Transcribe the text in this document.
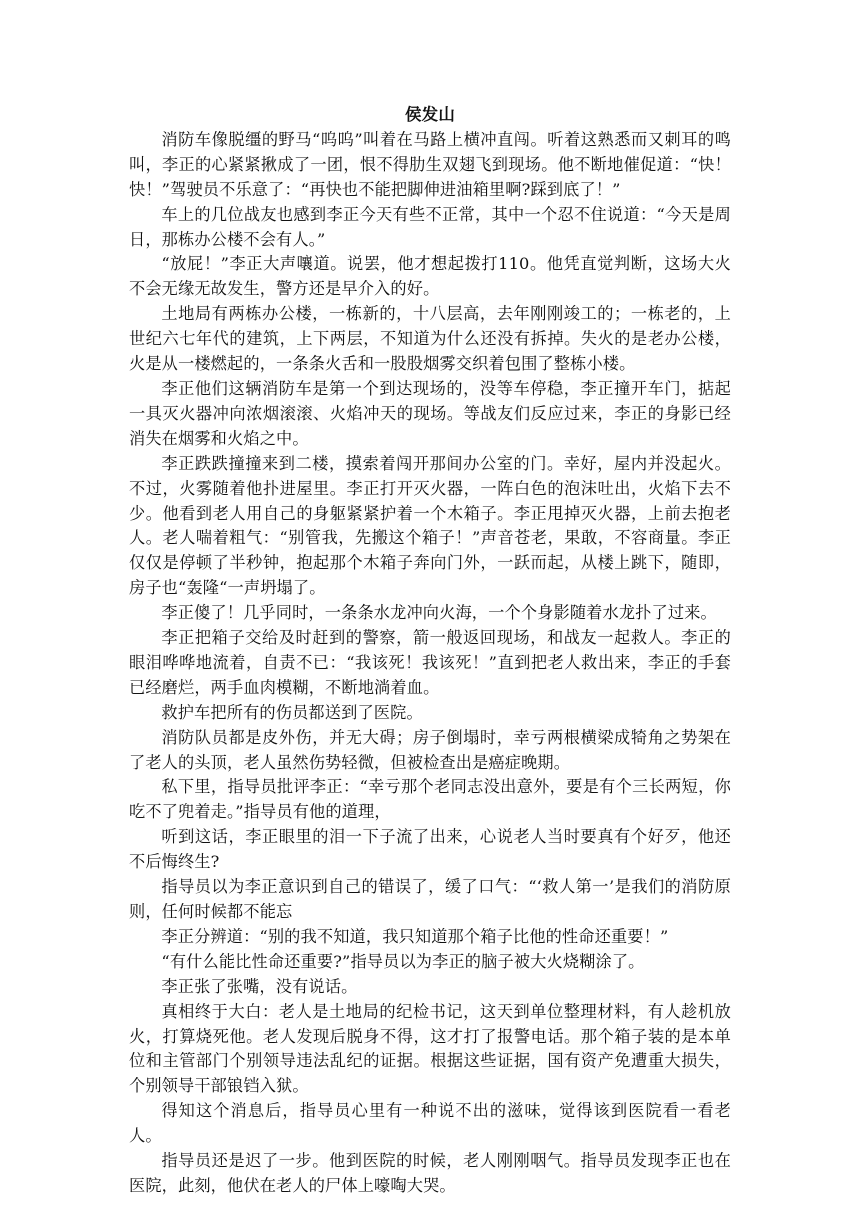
侯发山

消防车像脱缰的野马“呜呜”叫着在马路上横冲直闯。听着这熟悉而又刺耳的鸣叫，李正的心紧紧揪成了一团，恨不得肋生双翅飞到现场。他不断地催促道：“快！快！”驾驶员不乐意了：“再快也不能把脚伸进油箱里啊?踩到底了！”

车上的几位战友也感到李正今天有些不正常，其中一个忍不住说道：“今天是周日，那栋办公楼不会有人。”

“放屁！”李正大声嚷道。说罢，他才想起拨打110。他凭直觉判断，这场大火不会无缘无故发生，警方还是早介入的好。

土地局有两栋办公楼，一栋新的，十八层高，去年刚刚竣工的；一栋老的，上世纪六七年代的建筑，上下两层，不知道为什么还没有拆掉。失火的是老办公楼，火是从一楼燃起的，一条条火舌和一股股烟雾交织着包围了整栋小楼。

李正他们这辆消防车是第一个到达现场的，没等车停稳，李正撞开车门，掂起一具灭火器冲向浓烟滚滚、火焰冲天的现场。等战友们反应过来，李正的身影已经消失在烟雾和火焰之中。

李正跌跌撞撞来到二楼，摸索着闯开那间办公室的门。幸好，屋内并没起火。不过，火雾随着他扑进屋里。李正打开灭火器，一阵白色的泡沫吐出，火焰下去不少。他看到老人用自己的身躯紧紧护着一个木箱子。李正甩掉灭火器，上前去抱老人。老人喘着粗气：“别管我，先搬这个箱子！”声音苍老，果敢，不容商量。李正仅仅是停顿了半秒钟，抱起那个木箱子奔向门外，一跃而起，从楼上跳下，随即，房子也“轰隆“一声坍塌了。

李正傻了！几乎同时，一条条水龙冲向火海，一个个身影随着水龙扑了过来。

李正把箱子交给及时赶到的警察，箭一般返回现场，和战友一起救人。李正的眼泪哗哗地流着，自责不已：“我该死！我该死！”直到把老人救出来，李正的手套已经磨烂，两手血肉模糊，不断地淌着血。

救护车把所有的伤员都送到了医院。

消防队员都是皮外伤，并无大碍；房子倒塌时，幸亏两根横梁成犄角之势架在了老人的头顶，老人虽然伤势轻微，但被检查出是癌症晚期。

私下里，指导员批评李正：“幸亏那个老同志没出意外，要是有个三长两短，你吃不了兜着走。”指导员有他的道理，

听到这话，李正眼里的泪一下子流了出来，心说老人当时要真有个好歹，他还不后悔终生?

指导员以为李正意识到自己的错误了，缓了口气：“‘救人第一’是我们的消防原则，任何时候都不能忘

李正分辨道：“别的我不知道，我只知道那个箱子比他的性命还重要！”

“有什么能比性命还重要?”指导员以为李正的脑子被大火烧糊涂了。

李正张了张嘴，没有说话。

真相终于大白：老人是土地局的纪检书记，这天到单位整理材料，有人趁机放火，打算烧死他。老人发现后脱身不得，这才打了报警电话。那个箱子装的是本单位和主管部门个别领导违法乱纪的证据。根据这些证据，国有资产免遭重大损失，个别领导干部锒铛入狱。

得知这个消息后，指导员心里有一种说不出的滋味，觉得该到医院看一看老人。

指导员还是迟了一步。他到医院的时候，老人刚刚咽气。指导员发现李正也在医院，此刻，他伏在老人的尸体上嚎啕大哭。
